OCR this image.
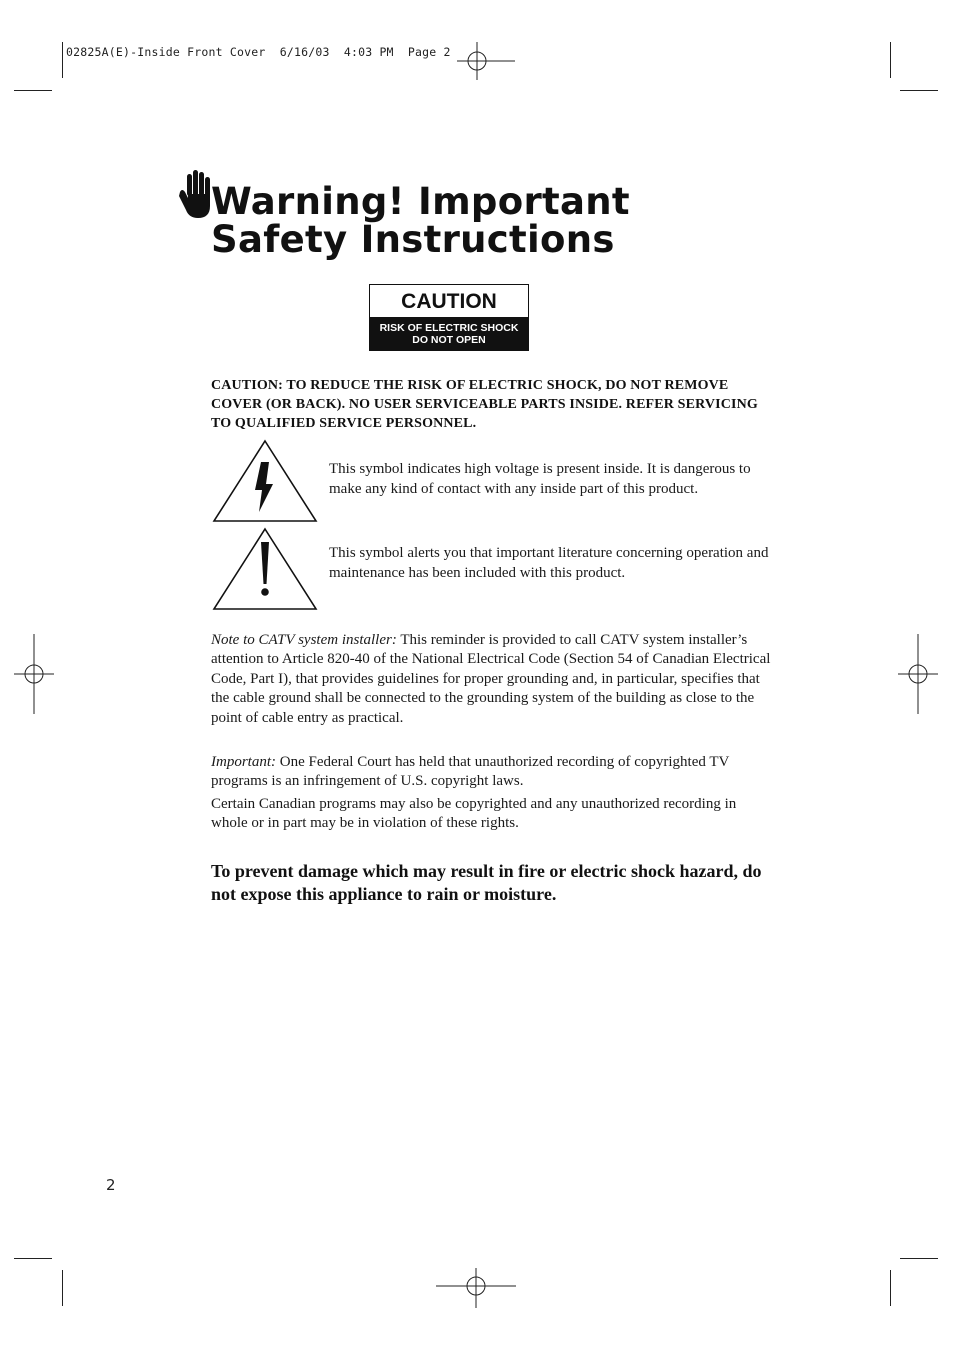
02825A(E)-Inside Front Cover  6/16/03  4:03 PM  Page 2
Warning! Important
Safety Instructions
CAUTION
RISK OF ELECTRIC SHOCK
DO NOT OPEN
CAUTION: TO REDUCE THE RISK OF ELECTRIC SHOCK, DO NOT REMOVE COVER (OR BACK). NO USER SERVICEABLE PARTS INSIDE. REFER SERVICING TO QUALIFIED SERVICE PERSONNEL.
This symbol indicates high voltage is present inside. It is dangerous to make any kind of contact with any inside part of this product.
This symbol alerts you that important literature concerning operation and maintenance has been included with this product.
Note to CATV system installer: This reminder is provided to call CATV system installer’s attention to Article 820-40 of the National Electrical Code (Section 54 of Canadian Electrical Code, Part I), that provides guidelines for proper grounding and, in particular, specifies that the cable ground shall be connected to the grounding system of the building as close to the point of cable entry as practical.
Important: One Federal Court has held that unauthorized recording of copyrighted TV programs is an infringement of U.S. copyright laws.
Certain Canadian programs may also be copyrighted and any unauthorized recording in whole or in part may be in violation of these rights.
To prevent damage which may result in fire or electric shock hazard, do not expose this appliance to rain or moisture.
2
